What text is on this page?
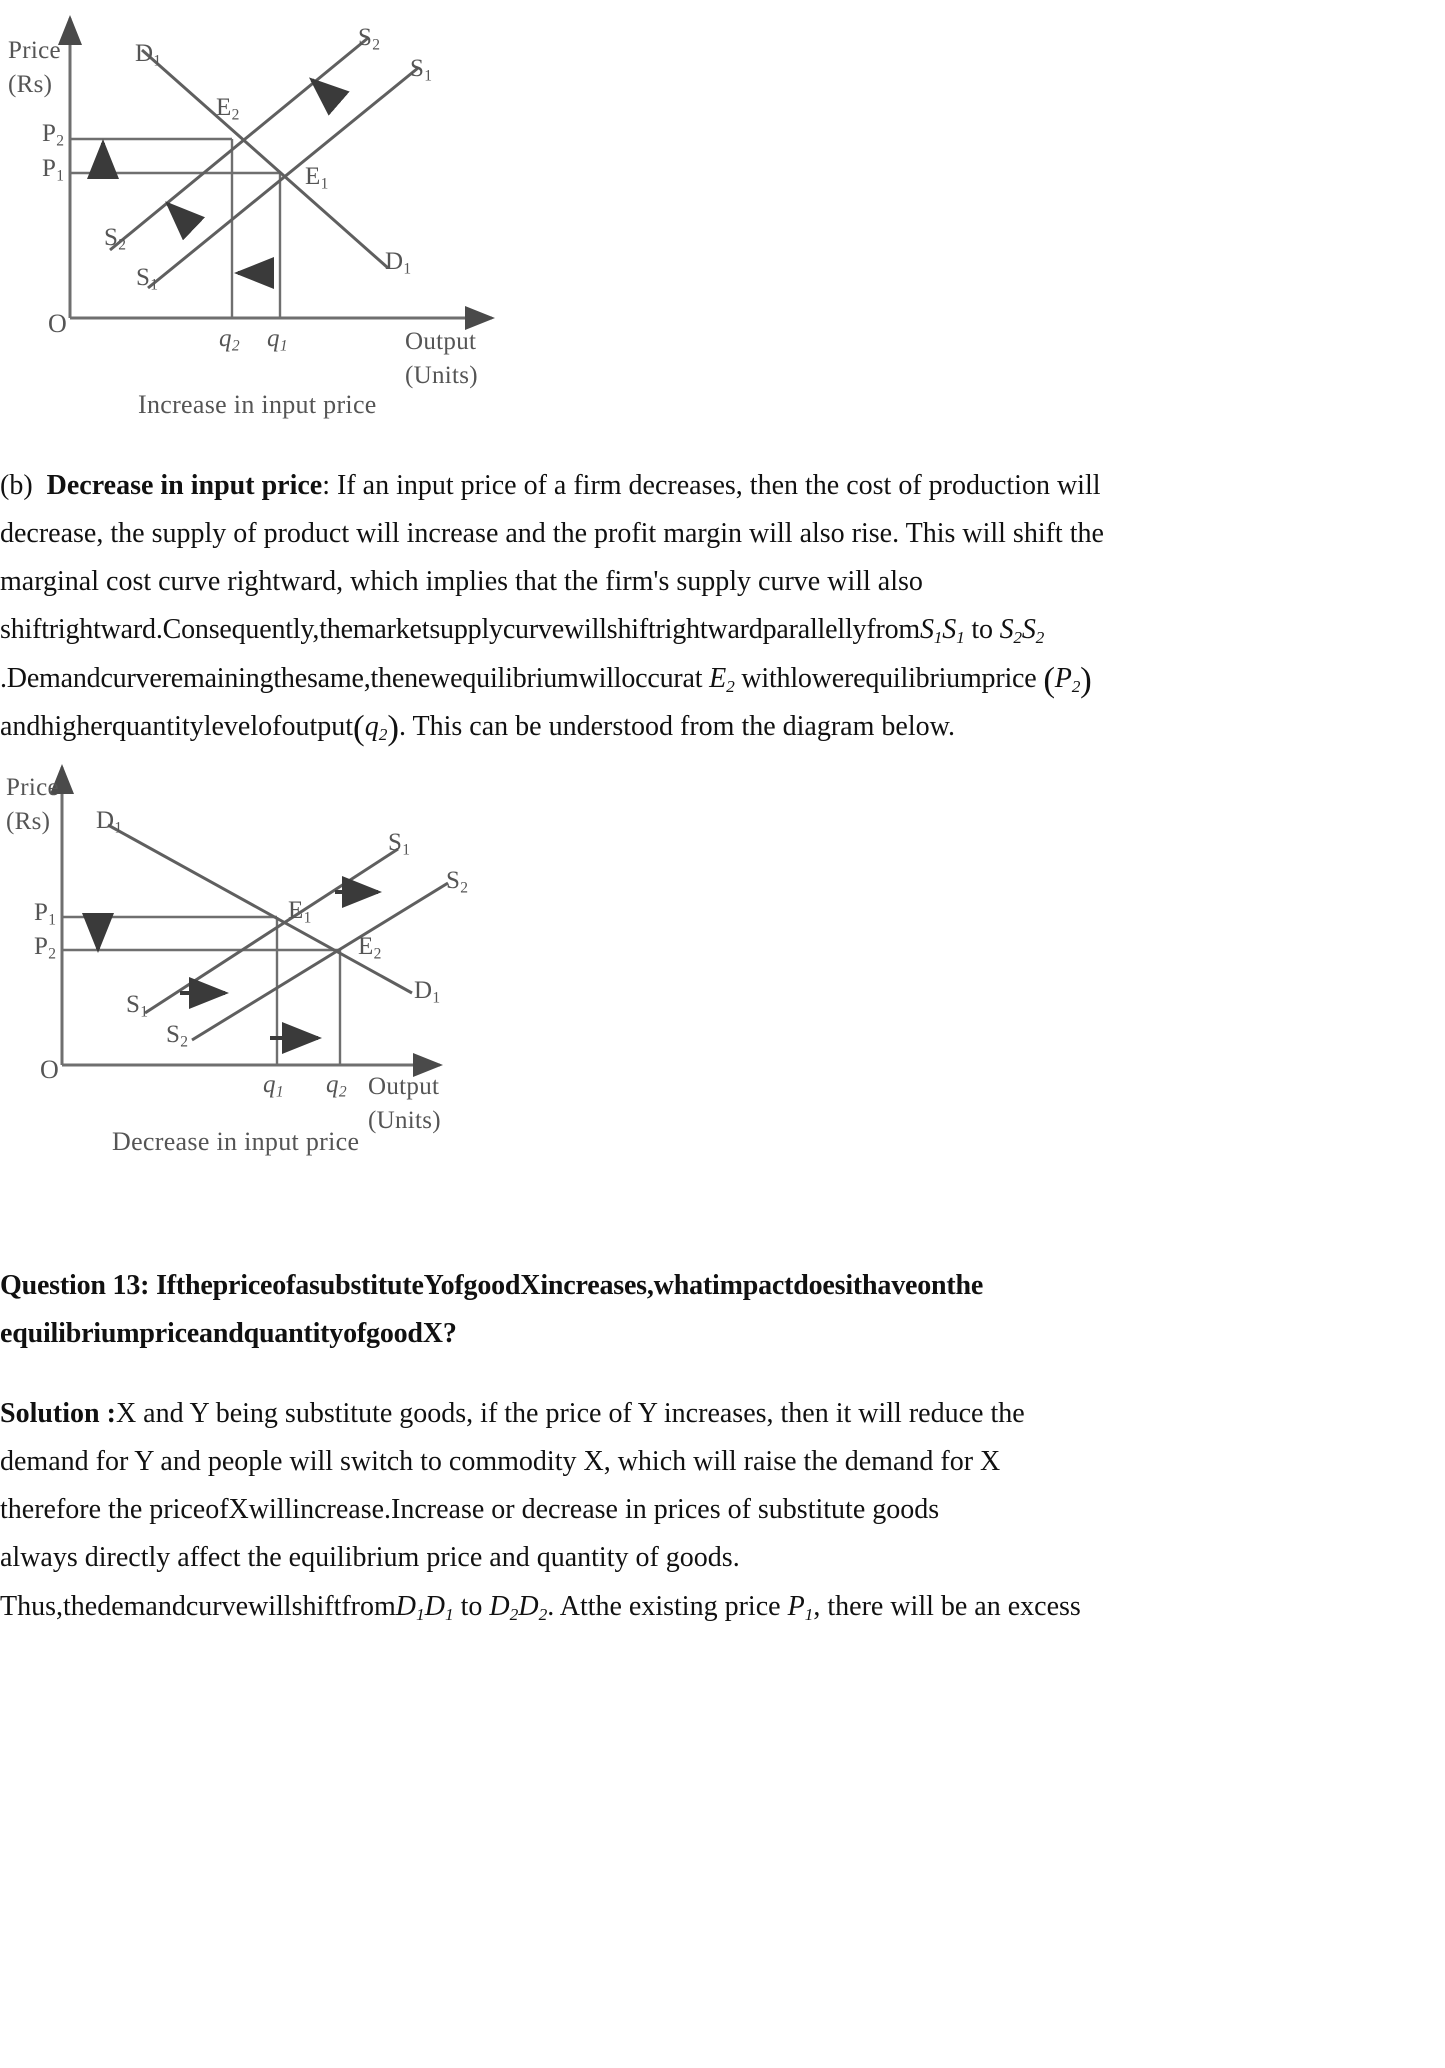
Price
(Rs)
O
Output
(Units)
$D_1$
$D_1$
$S_2$
$S_1$
$S_2$
$S_1$
$E_2$
$E_1$
$P_2$
$P_1$
$q_2$ $q_1$
Increase in input price

(b) Decrease in input price: If an input price of a firm decreases, then the cost of production will

decrease, the supply of product will increase and the profit margin will also rise. This will shift the

marginal cost curve rightward, which implies that the firm's supply curve will also

$shiftrightward.Consequently,themarketsupplycurvewillshiftrightwardparallellyfromS_1S_1$ to $S_2S_2$

.Demandcurveremainingthesame,thenewequilibriumwilloccurat $E_2$ withlowerequilibriumprice $(P_2)$

$andhigherquantitylevelofoutput(q_2)$. This can be understood from the diagram below.

Price
(Rs)
O
Output
(Units)
$D_1$
$D_1$
$S_1$
$S_2$
$S_1$
$S_2$
$E_1$
$E_2$
$P_1$
$P_2$
$q_1$ $q_2$
Decrease in input price

Question 13: IfthepriceofasubstituteYofgoodXincreases,whatimpactdoesithaveonthe

equilibriumpriceandquantityofgoodX?

Solution :X and Y being substitute goods, if the price of Y increases, then it will reduce the

demand for Y and people will switch to commodity X, which will raise the demand for X

therefore the priceofXwillincrease.Increase or decrease in prices of substitute goods

always directly affect the equilibrium price and quantity of goods.

$Thus,thedemandcurvewillshiftfromD_1D_1$ to $D_2D_2$. Atthe existing price $P_1$, there will be an excess
